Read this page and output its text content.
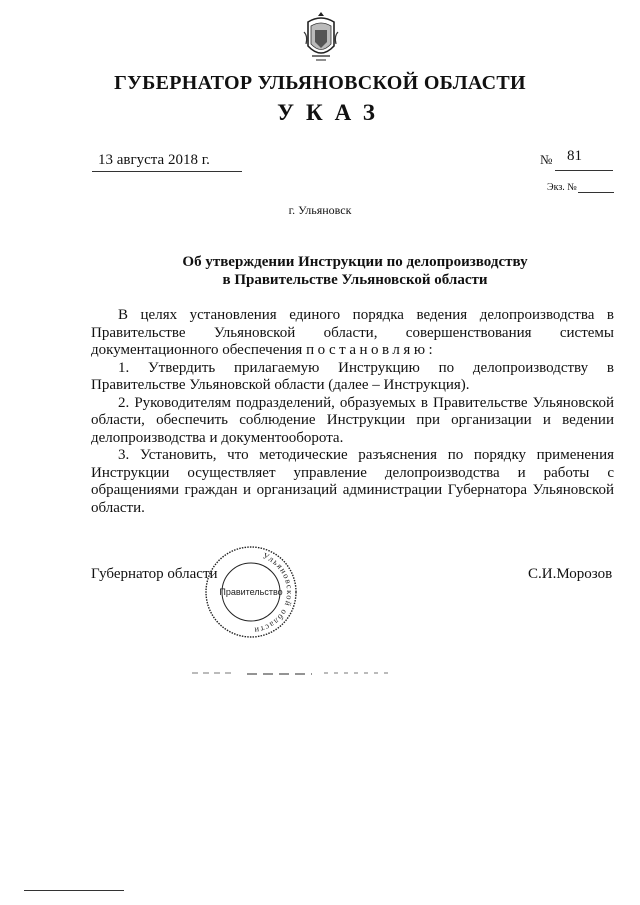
ГУБЕРНАТОР УЛЬЯНОВСКОЙ ОБЛАСТИ
УКАЗ
13 августа 2018 г.	№ 81
Экз. №
г. Ульяновск
Об утверждении Инструкции по делопроизводству
в Правительстве Ульяновской области

В целях установления единого порядка ведения делопроизводства в Правительстве Ульяновской области, совершенствования системы документационного обеспечения постановляю:

1. Утвердить прилагаемую Инструкцию по делопроизводству в Правительстве Ульяновской области (далее – Инструкция).

2. Руководителям подразделений, образуемых в Правительстве Ульяновской области, обеспечить соблюдение Инструкции при организации и ведении делопроизводства и документооборота.

3. Установить, что методические разъяснения по порядку применения Инструкции осуществляет управление делопроизводства и работы с обращениями граждан и организаций администрации Губернатора Ульяновской области.

Губернатор области	С.И.Морозов
Ульяновской области
Правительство
